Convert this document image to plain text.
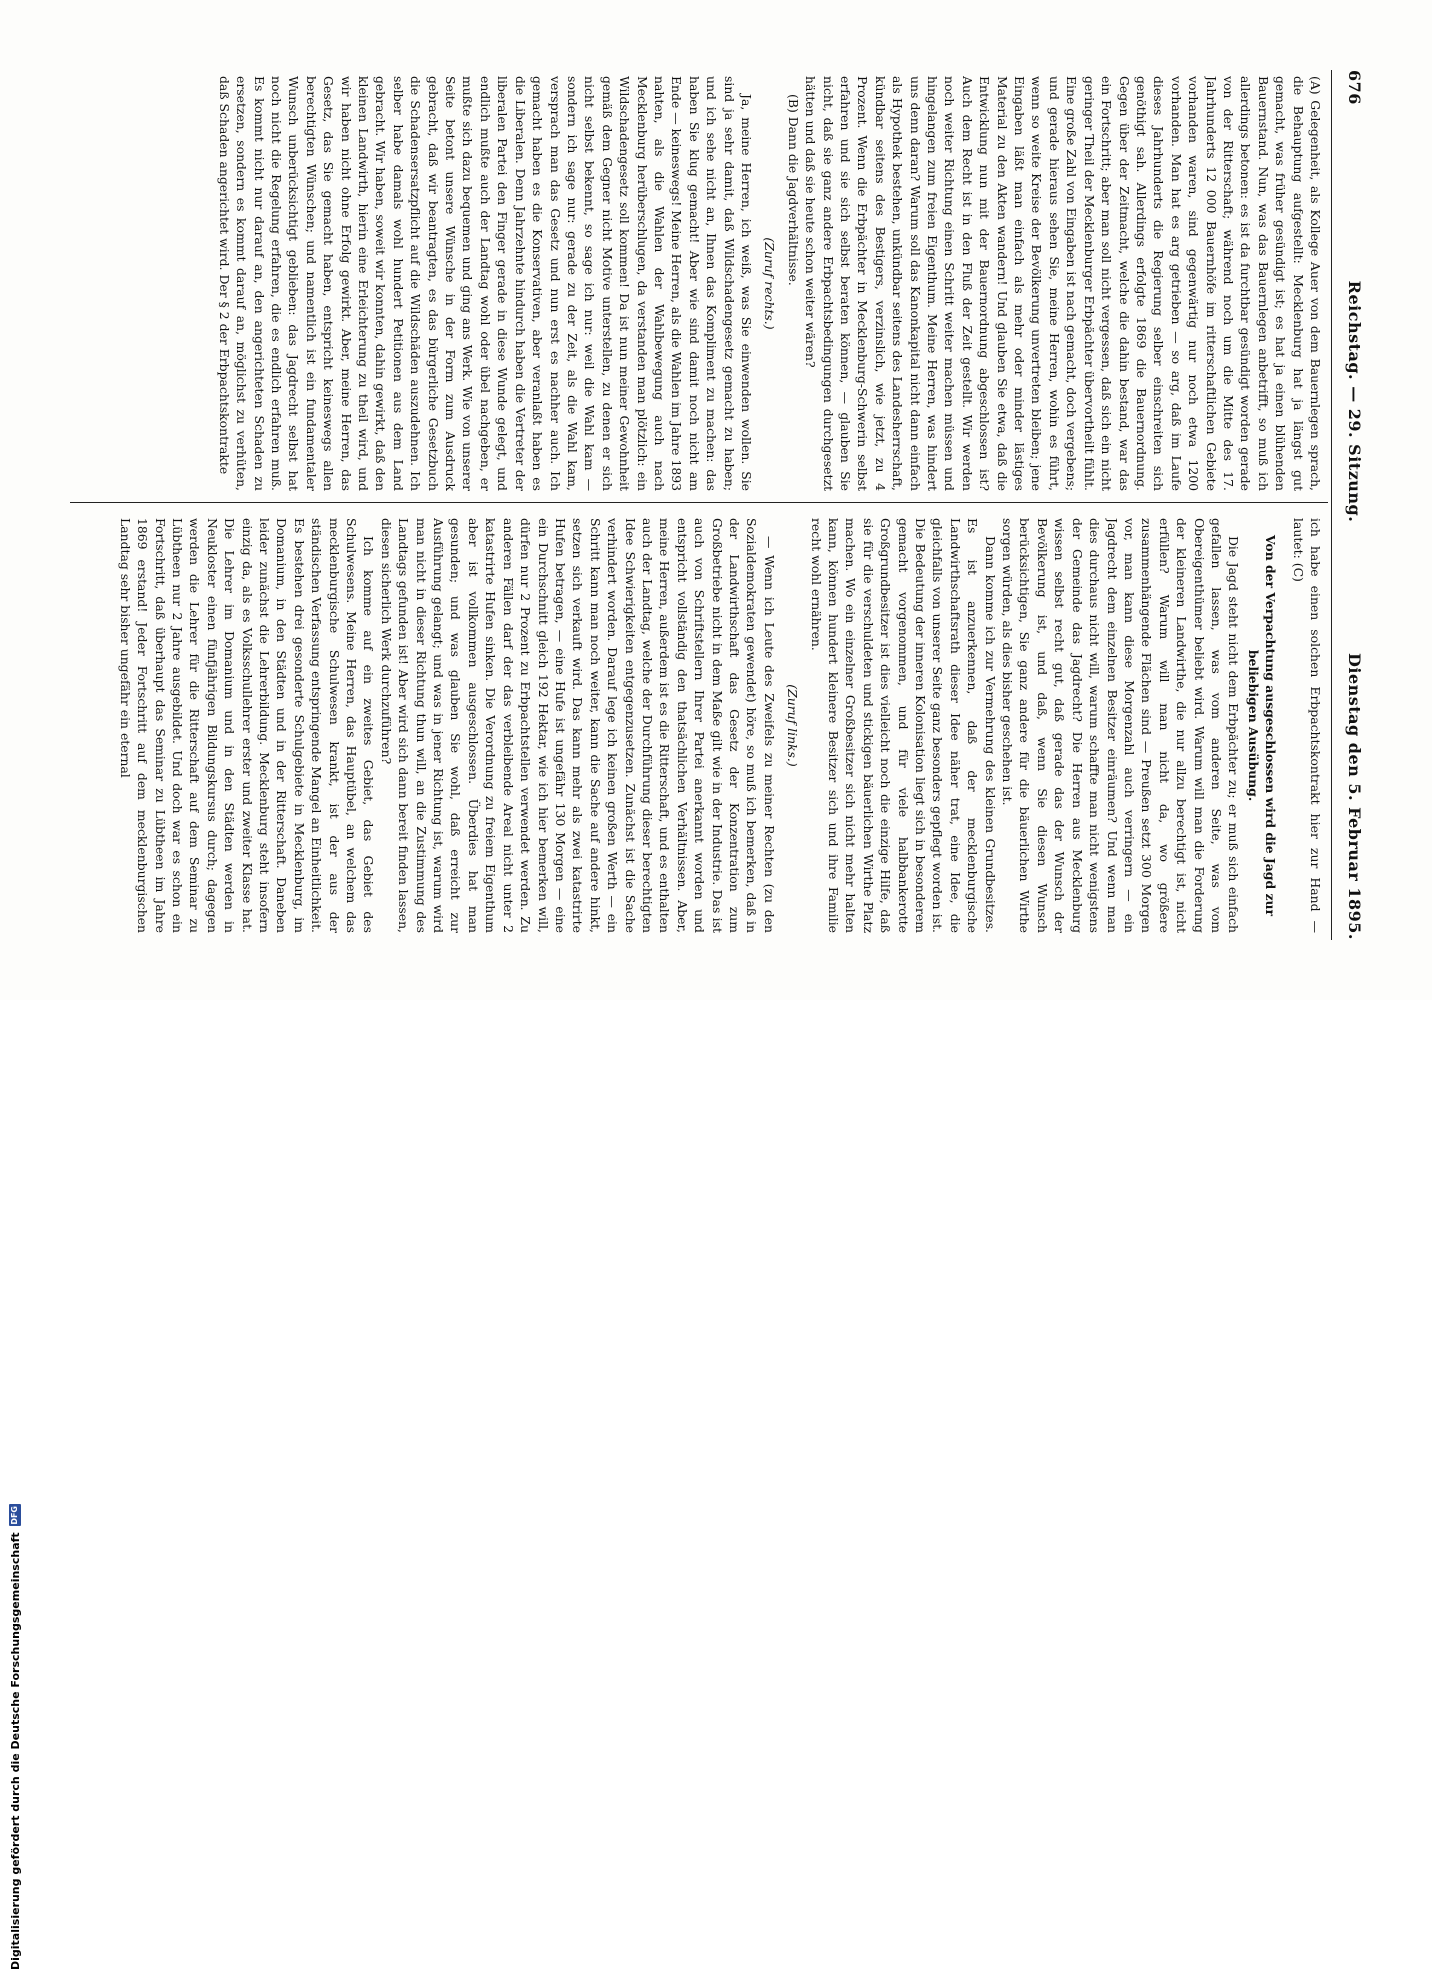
676
Reichstag. — 29. Sitzung.
Dienstag den 5. Februar 1895.

(A) Gelegenheit, als Kollege Auer von dem Bauernlegen sprach, die Behauptung aufgestellt: Mecklenburg hat ja längst gut gemacht, was früher gesündigt ist; es hat ja einen blühenden Bauernstand. Nun, was das Bauernlegen anbetrifft, so muß ich allerdings betonen: es ist da furchtbar gesündigt worden gerade von der Ritterschaft; während noch um die Mitte des 17. Jahrhunderts 12 000 Bauernhöfe im ritterschaftlichen Gebiete vorhanden waren, sind gegenwärtig nur noch etwa 1200 vorhanden. Man hat es arg getrieben — so arg, daß im Laufe dieses Jahrhunderts die Regierung selber einschreiten sich genöthigt sah. Allerdings erfolgte 1869 die Bauernordnung. Gegen über der Zeitmacht, welche die dahin bestand, war das ein Fortschritt; aber man soll nicht vergessen, daß sich ein nicht geringer Theil der Mecklenburger Erbpächter übervortheilt fühlt. Eine große Zahl von Eingaben ist nach gemacht, doch vergebens; und gerade hieraus sehen Sie, meine Herren, wohin es führt, wenn so weite Kreise der Bevölkerung unvertreten bleiben; jene Eingaben läßt man einfach als mehr oder minder lästiges Material zu den Akten wandern! Und glauben Sie etwa, daß die Entwicklung nun mit der Bauernordnung abgeschlossen ist? Auch dem Recht ist in den Fluß der Zeit gestellt. Wir werden noch weiter Richtung einen Schritt weiter machen müssen und hingelangen zum freien Eigenthum. Meine Herren, was hindert uns denn daran? Warum soll das Kanonkapital nicht dann einfach als Hypothek bestehen, unkündbar seitens des Landesherrschaft, kündbar seitens des Bestigers, verzinslich, wie jetzt, zu 4 Prozent. Wenn die Erbpächter in Mecklenburg-Schwerin selbst erfahren und sie sich selbst beraten können, — glauben Sie nicht, daß sie ganz andere Erbpachtsbedingungen durchgesetzt hätten und daß sie heute schon weiter wären?

(B) Dann die Jagdverhältnisse.

(Zuruf rechts.)

Ja, meine Herren, ich weiß, was Sie einwenden wollen. Sie sind ja sehr damit, daß Wildschadengesetz gemacht zu haben; und ich sehe nicht an, Ihnen das Kompliment zu machen: das haben Sie klug gemacht! Aber wie sind damit noch nicht am Ende — keineswegs! Meine Herren, als die Wahlen im Jahre 1893 nahten, als die Wahlen der Wahlbewegung auch nach Mecklenburg herüberschlugen, da verstanden man plötzlich: ein Wildschadengesetz soll kommen! Da ist nun meiner Gewohnheit gemäß dem Gegner nicht Motive unterstellen, zu denen er sich nicht selbst bekennt, so sage ich nur: weil die Wahl kam — sondern ich sage nur: gerade zu der Zeit, als die Wahl kam, versprach man das Gesetz und nun erst es nachher auch. Ich gemacht haben es die Konservativen, aber veranlaßt haben es die Liberalen. Denn Jahrzehnte hindurch haben die Vertreter der liberalen Partei den Finger gerade in diese Wunde gelegt, und endlich mußte auch der Landtag wohl oder übel nachgeben, er mußte sich dazu bequemen und ging ans Werk. Wie von unserer Seite betont unsere Wünsche in der Form zum Ausdruck gebracht, daß wir beantragten, es das bürgerliche Gesetzbuch die Schadensersatzpflicht auf die Wildschäden auszudehnen. Ich selber habe damals wohl hundert Petitionen aus dem Land gebracht. Wir haben, soweit wir konnten, dahin gewirkt, daß den kleinen Landwirth, hierin eine Erleichterung zu theil wird, und wir haben nicht ohne Erfolg gewirkt. Aber, meine Herren, das Gesetz, das Sie gemacht haben, entspricht keineswegs allen berechtigten Wünschen; und namentlich ist ein fundamentaler Wunsch unberücksichtigt geblieben: das Jagdrecht selbst hat noch nicht die Regelung erfahren, die es endlich erfahren muß. Es kommt nicht nur darauf an, den angerichteten Schaden zu ersetzen, sondern es kommt darauf an, möglichst zu verhüten, daß Schaden angerichtet wird. Der § 2 der Erbpachtskontrakte

ich habe einen solchen Erbpachtskontrakt hier zur Hand — lautet: (C)

Von der Verpachtung ausgeschlossen wird die Jagd zur beliebigen Ausübung.

Die Jagd steht nicht dem Erbpächter zu; er muß sich einfach gefallen lassen, was vom anderen Seite, was vom Obereigenthümer beliebt wird. Warum will man die Forderung der kleineren Landwirthe, die nur allzu berechtigt ist, nicht erfüllen? Warum will man nicht da, wo größere zusammenhängende Flächen sind — Preußen setzt 300 Morgen vor, man kann diese Morgenzahl auch verringern — ein Jagdrecht dem einzelnen Besitzer einräumen? Und wenn man dies durchaus nicht will, warum schaffte man nicht wenigstens der Gemeinde das Jagdrecht? Die Herren aus Mecklenburg wissen selbst recht gut, daß gerade das der Wunsch der Bevölkerung ist, und daß, wenn Sie diesen Wunsch berücksichtigen, Sie ganz andere für die bäuerlichen Wirthe sorgen würden, als dies bisher geschehen ist.

Dann komme ich zur Vermehrung des kleinen Grundbesitzes. Es ist anzuerkennen, daß der mecklenburgische Landwirthschaftsrath dieser Idee näher trat, eine Idee, die gleichfalls von unserer Seite ganz besonders gepflegt worden ist. Die Bedeutung der inneren Kolonisation liegt sich in besonderem gemacht vorgenommen, und für viele halbbankerotte Großgrundbesitzer ist dies vielleicht noch die einzige Hilfe, daß sie für die verschuldeten und stickigen bäuerlichen Wirthe Platz machen. Wo ein einzelner Großbesitzer sich nicht mehr halten kann, können hundert kleinere Besitzer sich und ihre Familie recht wohl ernähren.

(Zuruf links.)

— Wenn ich Leute des Zweifels zu meiner Rechten (zu den Sozialdemokraten gewendet) höre, so muß ich bemerken, daß in der Landwirthschaft das Gesetz der Konzentration zum Großbetriebe nicht in dem Maße gilt wie in der Industrie. Das ist auch von Schriftstellern Ihrer Partei anerkannt worden und entspricht vollständig den thatsächlichen Verhältnissen. Aber, meine Herren, außerdem ist es die Ritterschaft, und es enthalten auch der Landtag, welche der Durchführung dieser berechtigten Idee Schwierigkeiten entgegenzusetzen. Zunächst ist die Sache verhindert worden. Darauf lege ich keinen großen Werth — ein Schritt kann man noch weiter, kann die Sache auf andere hinkt, setzen sich verkauft wird. Das kann mehr als zwei katastrirte Hufen betragen, — eine Hufe ist ungefähr 130 Morgen — eine ein Durchschnitt gleich 192 Hektar, wie ich hier bemerken will, dürfen nur 2 Prozent zu Erbpachtstellen verwendet werden. Zu anderen Fällen darf der das verbleibende Areal nicht unter 2 katastrirte Hufen sinken. Die Verordnung zu freiem Eigenthum aber ist vollkommen ausgeschlossen. Überdies hat man gesunden; und was glauben Sie wohl, daß erreicht zur Ausführung gelangt; und was in jener Richtung ist, warum wird man nicht in dieser Richtung thun will, an die Zustimmung des Landtags gefunden ist! Aber wird sich dann bereit finden lassen, diesen sicherlich Werk durchzuführen?

Ich komme auf ein zweites Gebiet, das Gebiet des Schulwesens. Meine Herren, das Hauptübel, an welchem das mecklenburgische Schulwesen krankt, ist der aus der ständischen Verfassung entspringende Mangel an Einheitlichkeit. Es bestehen drei gesonderte Schulgebiete in Mecklenburg, im Domanium, in den Städten und in der Ritterschaft. Daneben leider zunächst die Lehrerbildung. Mecklenburg steht insofern einzig da, als es Volksschullehrer erster und zweiter Klasse hat. Die Lehrer im Domanium und in den Städten werden in Neukloster einen fünfjährigen Bildungskursus durch; dagegen werden die Lehrer für die Ritterschaft auf dem Seminar zu Lübtheen nur 2 Jahre ausgebildet. Und doch war es schon ein Fortschritt, daß überhaupt das Seminar zu Lübtheen im Jahre 1869 erstand! Jeder Fortschritt auf dem mecklenburgischen Landtag sehr bisher ungefähr ein eternal

Digitalisierung gefördert durch die Deutsche Forschungsgemeinschaft
DFG
